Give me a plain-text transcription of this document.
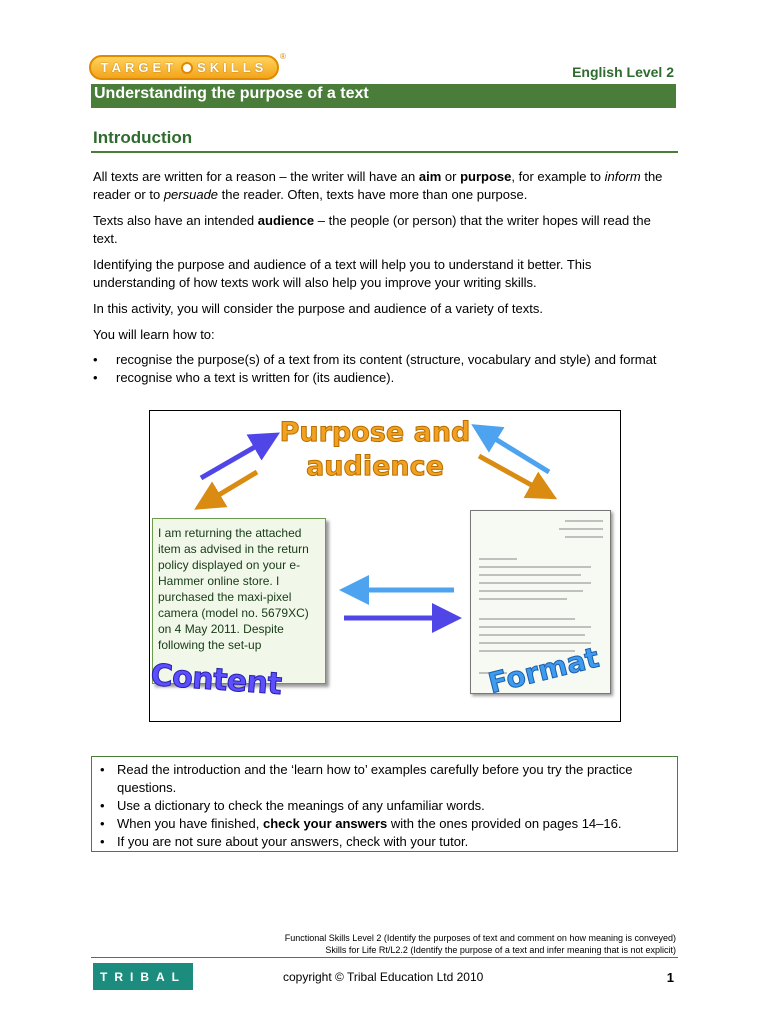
TARGET SKILLS
®
English Level 2
Understanding the purpose of a text
Introduction
All texts are written for a reason – the writer will have an aim or purpose, for example to inform the reader or to persuade the reader. Often, texts have more than one purpose.
Texts also have an intended audience – the people (or person) that the writer hopes will read the text.
Identifying the purpose and audience of a text will help you to understand it better. This understanding of how texts work will also help you improve your writing skills.
In this activity, you will consider the purpose and audience of a variety of texts.
You will learn how to:
• recognise the purpose(s) of a text from its content (structure, vocabulary and style) and format
• recognise who a text is written for (its audience).
Purpose and
audience
I am returning the attached item as advised in the return policy displayed on your e-Hammer online store. I purchased the maxi-pixel camera (model no. 5679XC) on 4 May 2011. Despite following the set-up
Content	Format
• Read the introduction and the ‘learn how to’ examples carefully before you try the practice questions.
• Use a dictionary to check the meanings of any unfamiliar words.
• When you have finished, check your answers with the ones provided on pages 14–16.
• If you are not sure about your answers, check with your tutor.
Functional Skills Level 2 (Identify the purposes of text and comment on how meaning is conveyed)
Skills for Life Rt/L2.2 (Identify the purpose of a text and infer meaning that is not explicit)
TRIBAL	copyright © Tribal Education Ltd 2010	1
